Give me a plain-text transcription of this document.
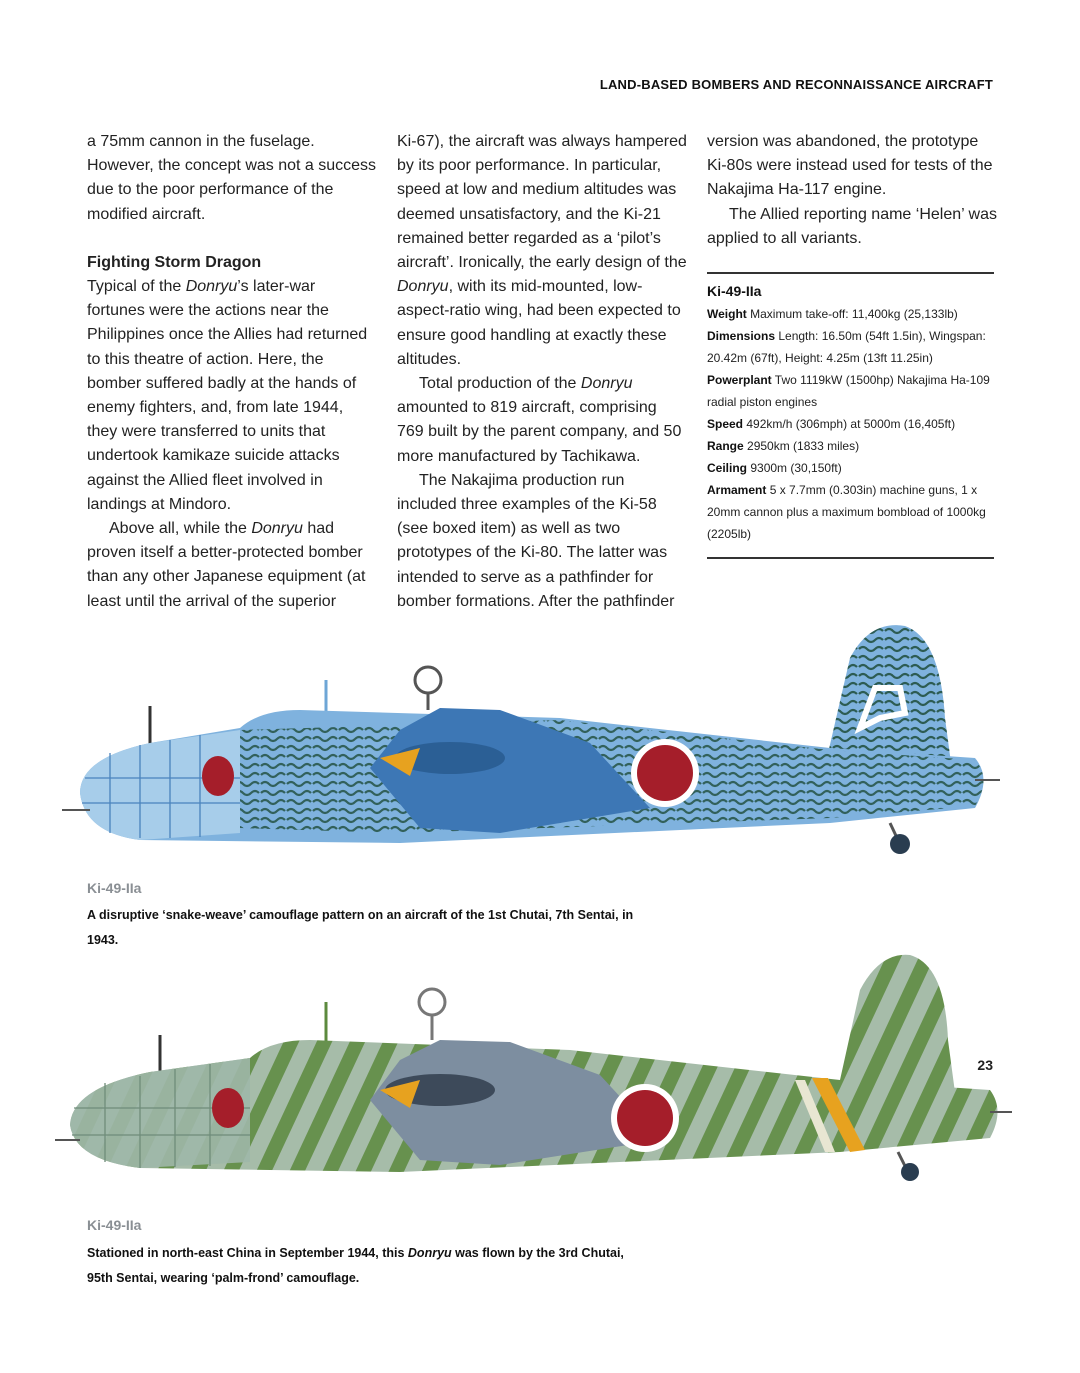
LAND-BASED BOMBERS AND RECONNAISSANCE AIRCRAFT

a 75mm cannon in the fuselage. However, the concept was not a success due to the poor performance of the modified aircraft.

Fighting Storm Dragon

Typical of the Donryu’s later-war fortunes were the actions near the Philippines once the Allies had returned to this theatre of action. Here, the bomber suffered badly at the hands of enemy fighters, and, from late 1944, they were transferred to units that undertook kamikaze suicide attacks against the Allied fleet involved in landings at Mindoro.

Above all, while the Donryu had proven itself a better-protected bomber than any other Japanese equipment (at least until the arrival of the superior

Ki-67), the aircraft was always hampered by its poor performance. In particular, speed at low and medium altitudes was deemed unsatisfactory, and the Ki-21 remained better regarded as a ‘pilot’s aircraft’. Ironically, the early design of the Donryu, with its mid-mounted, low-aspect-ratio wing, had been expected to ensure good handling at exactly these altitudes.

Total production of the Donryu amounted to 819 aircraft, comprising 769 built by the parent company, and 50 more manufactured by Tachikawa.

The Nakajima production run included three examples of the Ki-58 (see boxed item) as well as two prototypes of the Ki-80. The latter was intended to serve as a pathfinder for bomber formations. After the pathfinder

version was abandoned, the prototype Ki-80s were instead used for tests of the Nakajima Ha-117 engine.

The Allied reporting name ‘Helen’ was applied to all variants.

Ki-49-IIa
Weight Maximum take-off: 11,400kg (25,133lb)
Dimensions Length: 16.50m (54ft 1.5in), Wingspan: 20.42m (67ft), Height: 4.25m (13ft 11.25in)
Powerplant Two 1119kW (1500hp) Nakajima Ha-109 radial piston engines
Speed 492km/h (306mph) at 5000m (16,405ft)
Range 2950km (1833 miles)
Ceiling 9300m (30,150ft)
Armament 5 x 7.7mm (0.303in) machine guns, 1 x 20mm cannon plus a maximum bombload of 1000kg (2205lb)
Ki-49-IIa
A disruptive ‘snake-weave’ camouflage pattern on an aircraft of the 1st Chutai, 7th Sentai, in 1943.
Ki-49-IIa
Stationed in north-east China in September 1944, this Donryu was flown by the 3rd Chutai, 95th Sentai, wearing ‘palm-frond’ camouflage.
23
